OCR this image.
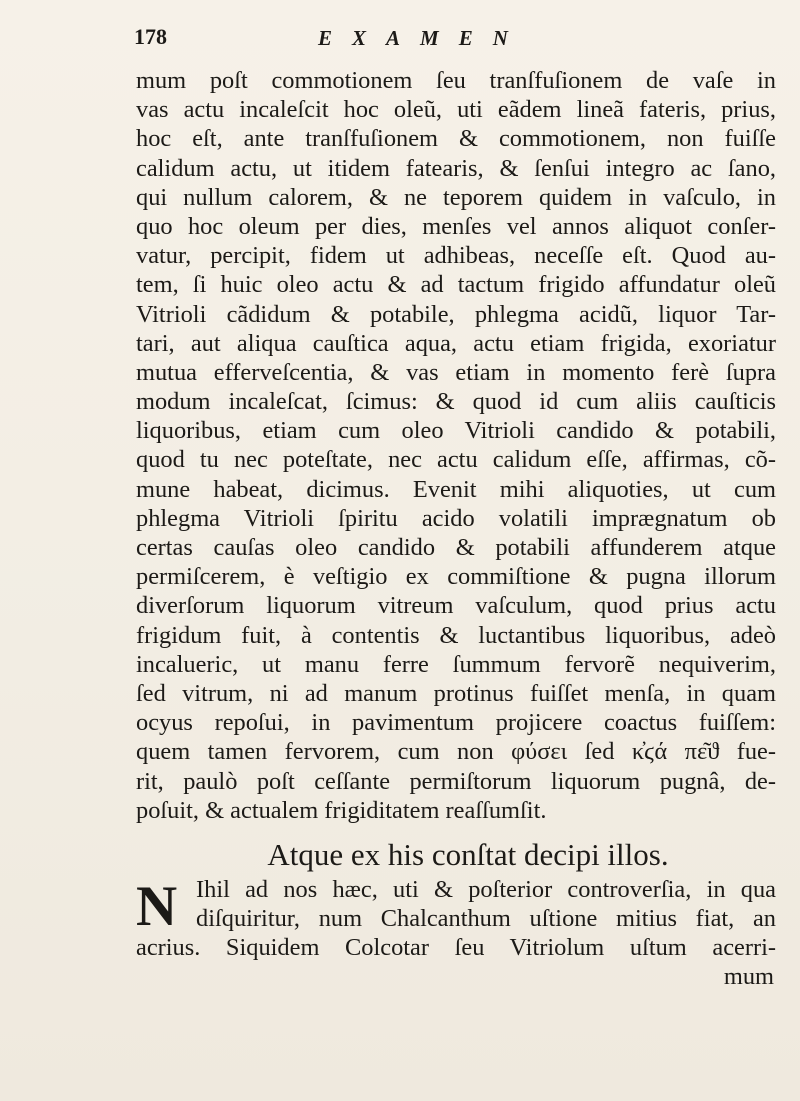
178	EXAMEN
mum poſt commotionem ſeu tranſfuſionem de vaſe in
vas actu incaleſcit hoc oleũ, uti eãdem lineã fateris, prius,
hoc eſt, ante tranſfuſionem & commotionem, non fuiſſe
calidum actu, ut itidem fatearis, & ſenſui integro ac ſano,
qui nullum calorem, & ne teporem quidem in vaſculo, in
quo hoc oleum per dies, menſes vel annos aliquot conſer-
vatur, percipit, fidem ut adhibeas, neceſſe eſt. Quod au-
tem, ſi huic oleo actu & ad tactum frigido affundatur oleũ
Vitrioli cãdidum & potabile, phlegma acidũ, liquor Tar-
tari, aut aliqua cauſtica aqua, actu etiam frigida, exoriatur
mutua efferveſcentia, & vas etiam in momento ferè ſupra
modum incaleſcat, ſcimus: & quod id cum aliis cauſticis
liquoribus, etiam cum oleo Vitrioli candido & potabili,
quod tu nec poteſtate, nec actu calidum eſſe, affirmas, cõ-
mune habeat, dicimus. Evenit mihi aliquoties, ut cum
phlegma Vitrioli ſpiritu acido volatili imprægnatum ob
certas cauſas oleo candido & potabili affunderem atque
permiſcerem, è veſtigio ex commiſtione & pugna illorum
diverſorum liquorum vitreum vaſculum, quod prius actu
frigidum fuit, à contentis & luctantibus liquoribus, adeò
incalueric, ut manu ferre ſummum fervorẽ nequiverim,
ſed vitrum, ni ad manum protinus fuiſſet menſa, in quam
ocyus repoſui, in pavimentum projicere coactus fuiſſem:
quem tamen fervorem, cum non φύσει ſed κ̓ϛά πε͂ϑ fue-
rit, paulò poſt ceſſante permiſtorum liquorum pugnâ, de-
poſuit, & actualem frigiditatem reaſſumſit.
Atque ex his conſtat decipi illos.
N Ihil ad nos hæc, uti & poſterior controverſia, in qua
diſquiritur, num Chalcanthum uſtione mitius fiat, an
acrius. Siquidem Colcotar ſeu Vitriolum uſtum acerri-
mum
